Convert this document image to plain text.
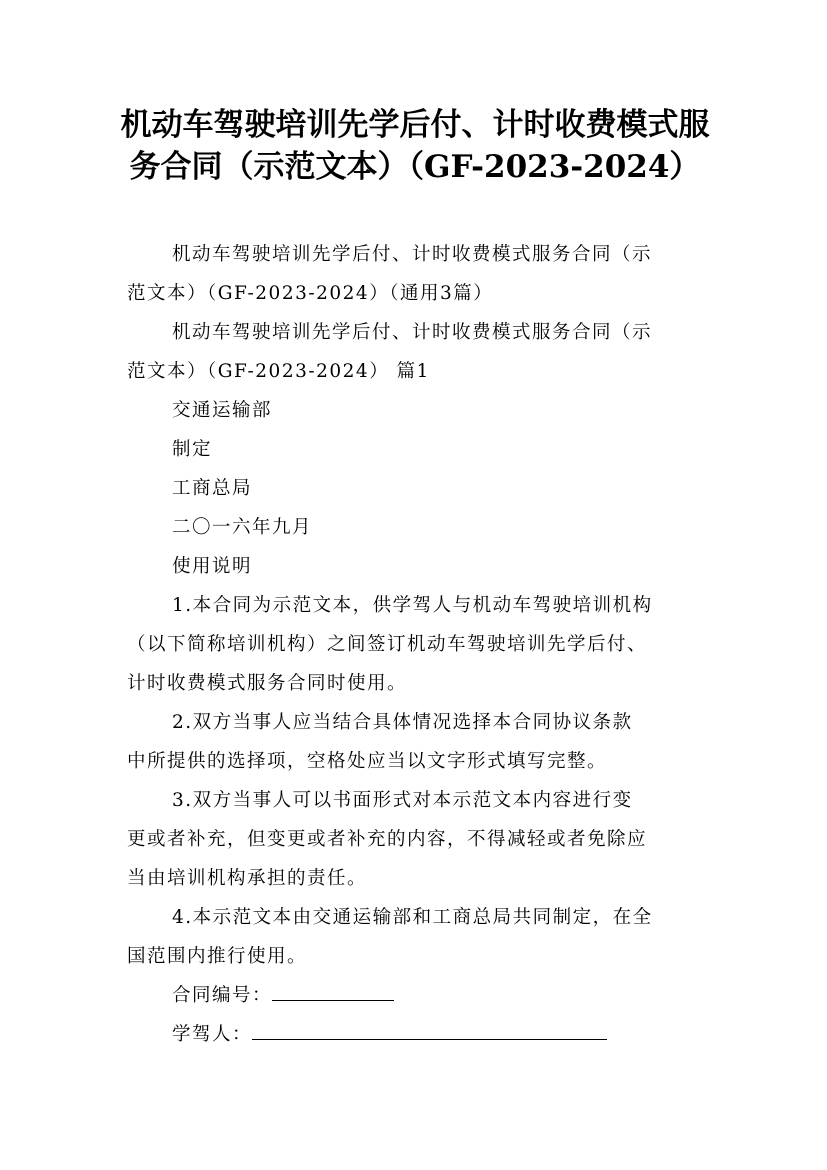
机动车驾驶培训先学后付、计时收费模式服
务合同（示范文本）（GF-2023-2024）
机动车驾驶培训先学后付、计时收费模式服务合同（示
范文本）（GF-2023-2024）（通用3篇）
机动车驾驶培训先学后付、计时收费模式服务合同（示
范文本）（GF-2023-2024） 篇1
交通运输部
制定
工商总局
二〇一六年九月
使用说明
1.本合同为示范文本，供学驾人与机动车驾驶培训机构
（以下简称培训机构）之间签订机动车驾驶培训先学后付、
计时收费模式服务合同时使用。
2.双方当事人应当结合具体情况选择本合同协议条款
中所提供的选择项，空格处应当以文字形式填写完整。
3.双方当事人可以书面形式对本示范文本内容进行变
更或者补充，但变更或者补充的内容，不得减轻或者免除应
当由培训机构承担的责任。
4.本示范文本由交通运输部和工商总局共同制定，在全
国范围内推行使用。
合同编号：
学驾人：
